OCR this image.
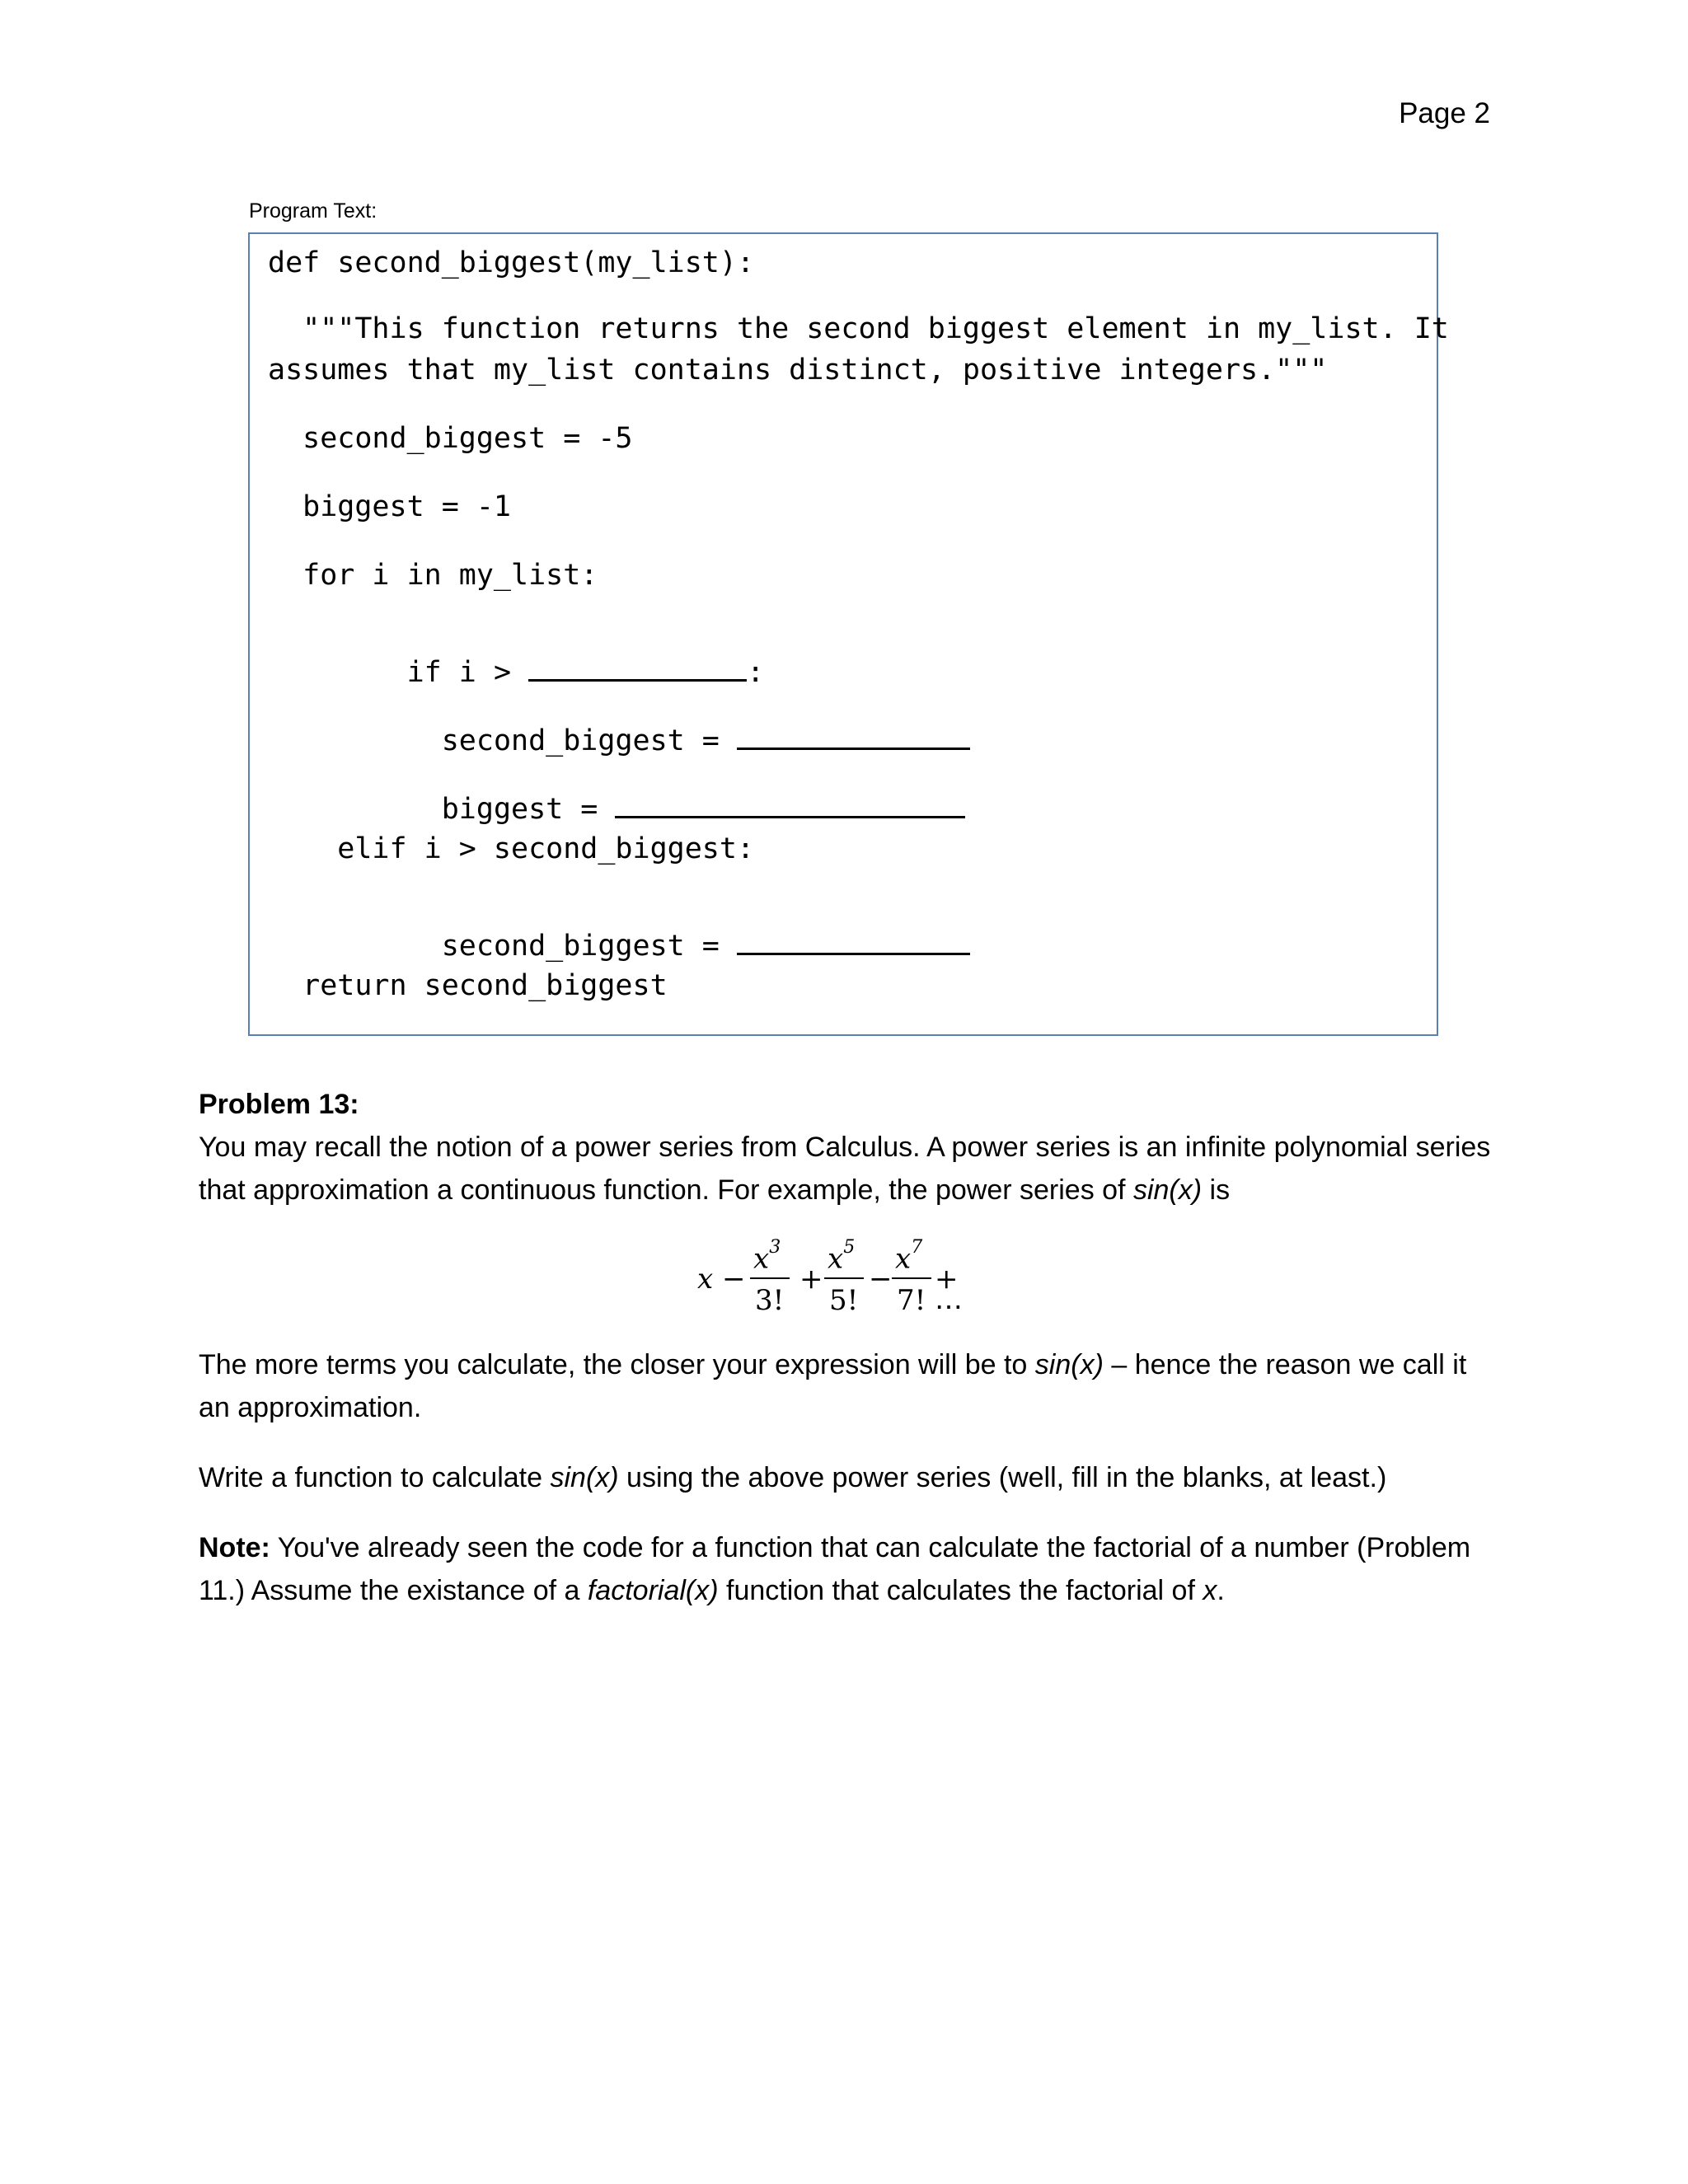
Page 2
Program Text:
def second_biggest(my_list):
"""This function returns the second biggest element in my_list. It
assumes that my_list contains distinct, positive integers."""
second_biggest = -5
biggest = -1
for i in my_list:

if i >	:

second_biggest =

biggest =

elif i > second_biggest:

second_biggest =

return second_biggest
Problem 13:
You may recall the notion of a power series from Calculus. A power series is an infinite polynomial series
that approximation a continuous function. For example, the power series of sin(x) is
x −
$x^3$
3!
+
$x^5$
5!
−
$x^7$
7!
+ ⋯
The more terms you calculate, the closer your expression will be to sin(x) – hence the reason we call it
an approximation.
Write a function to calculate sin(x) using the above power series (well, fill in the blanks, at least.)
Note: You've already seen the code for a function that can calculate the factorial of a number (Problem
11.) Assume the existance of a factorial(x) function that calculates the factorial of x.
